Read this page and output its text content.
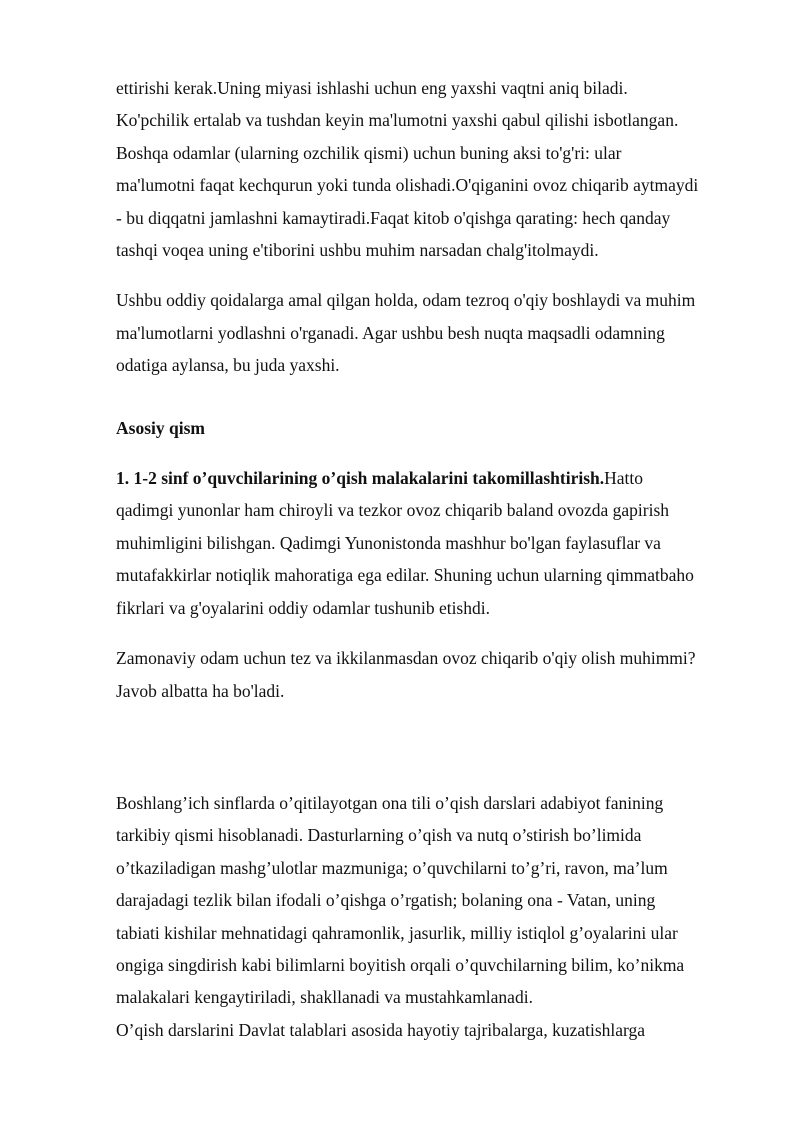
ettirishi kerak.Uning miyasi ishlashi uchun eng yaxshi vaqtni aniq biladi.
Ko'pchilik ertalab va tushdan keyin ma'lumotni yaxshi qabul qilishi isbotlangan.
Boshqa odamlar (ularning ozchilik qismi) uchun buning aksi to'g'ri: ular
ma'lumotni faqat kechqurun yoki tunda olishadi.O'qiganini ovoz chiqarib aytmaydi
- bu diqqatni jamlashni kamaytiradi.Faqat kitob o'qishga qarating: hech qanday
tashqi voqea uning e'tiborini ushbu muhim narsadan chalg'itolmaydi.

Ushbu oddiy qoidalarga amal qilgan holda, odam tezroq o'qiy boshlaydi va muhim
ma'lumotlarni yodlashni o'rganadi. Agar ushbu besh nuqta maqsadli odamning
odatiga aylansa, bu juda yaxshi.

Asosiy qism

1. 1-2 sinf o’quvchilarining o’qish malakalarini takomillashtirish.Hatto
qadimgi yunonlar ham chiroyli va tezkor ovoz chiqarib baland ovozda gapirish
muhimligini bilishgan. Qadimgi Yunonistonda mashhur bo'lgan faylasuflar va
mutafakkirlar notiqlik mahoratiga ega edilar. Shuning uchun ularning qimmatbaho
fikrlari va g'oyalarini oddiy odamlar tushunib etishdi.

Zamonaviy odam uchun tez va ikkilanmasdan ovoz chiqarib o'qiy olish muhimmi?
Javob albatta ha bo'ladi.

Boshlang’ich sinflarda o’qitilayotgan ona tili o’qish darslari adabiyot fanining
tarkibiy qismi hisoblanadi. Dasturlarning o’qish va nutq o’stirish bo’limida
o’tkaziladigan mashg’ulotlar mazmuniga; o’quvchilarni to’g’ri, ravon, ma’lum
darajadagi tezlik bilan ifodali o’qishga o’rgatish; bolaning ona - Vatan, uning
tabiati kishilar mehnatidagi qahramonlik, jasurlik, milliy istiqlol g’oyalarini ular
ongiga singdirish kabi bilimlarni boyitish orqali o’quvchilarning bilim, ko’nikma
malakalari kengaytiriladi, shakllanadi va mustahkamlanadi.
O’qish darslarini Davlat talablari asosida hayotiy tajribalarga, kuzatishlarga
